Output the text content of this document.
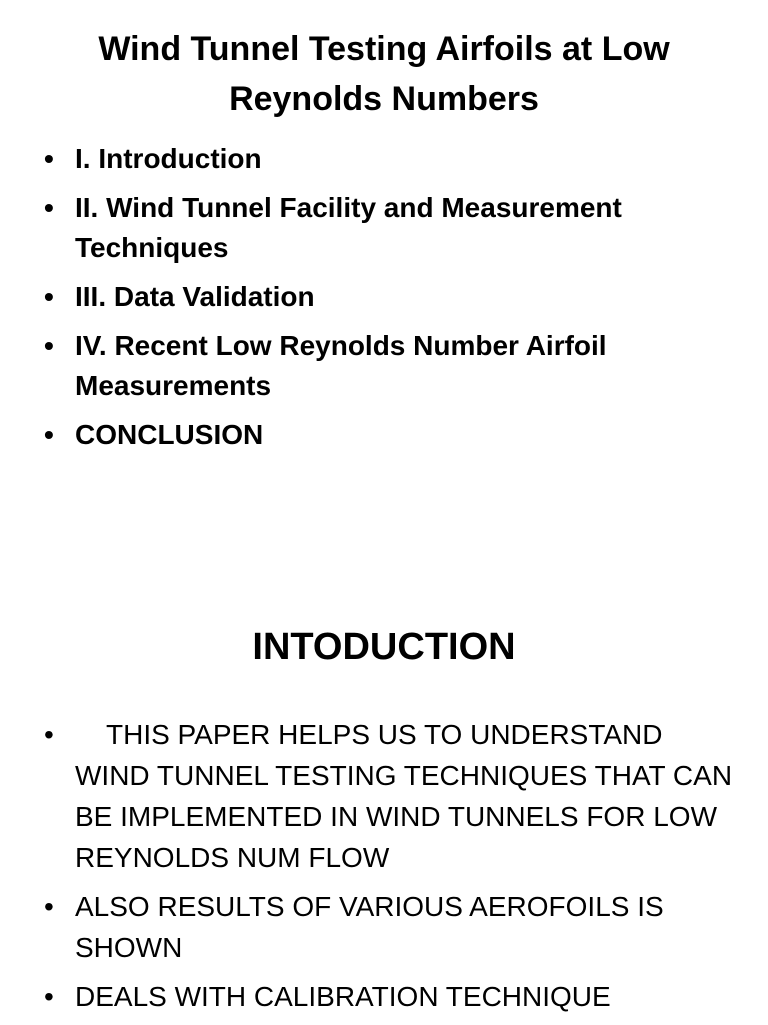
Wind Tunnel Testing Airfoils at Low
Reynolds Numbers
• I. Introduction
• II. Wind Tunnel Facility and Measurement Techniques
• III. Data Validation
• IV. Recent Low Reynolds Number Airfoil Measurements
• CONCLUSION
INTODUCTION
•	THIS PAPER HELPS US TO UNDERSTAND WIND TUNNEL TESTING TECHNIQUES THAT CAN BE IMPLEMENTED IN WIND TUNNELS FOR LOW REYNOLDS NUM FLOW
• ALSO RESULTS OF VARIOUS AEROFOILS IS SHOWN
• DEALS WITH CALIBRATION TECHNIQUE
